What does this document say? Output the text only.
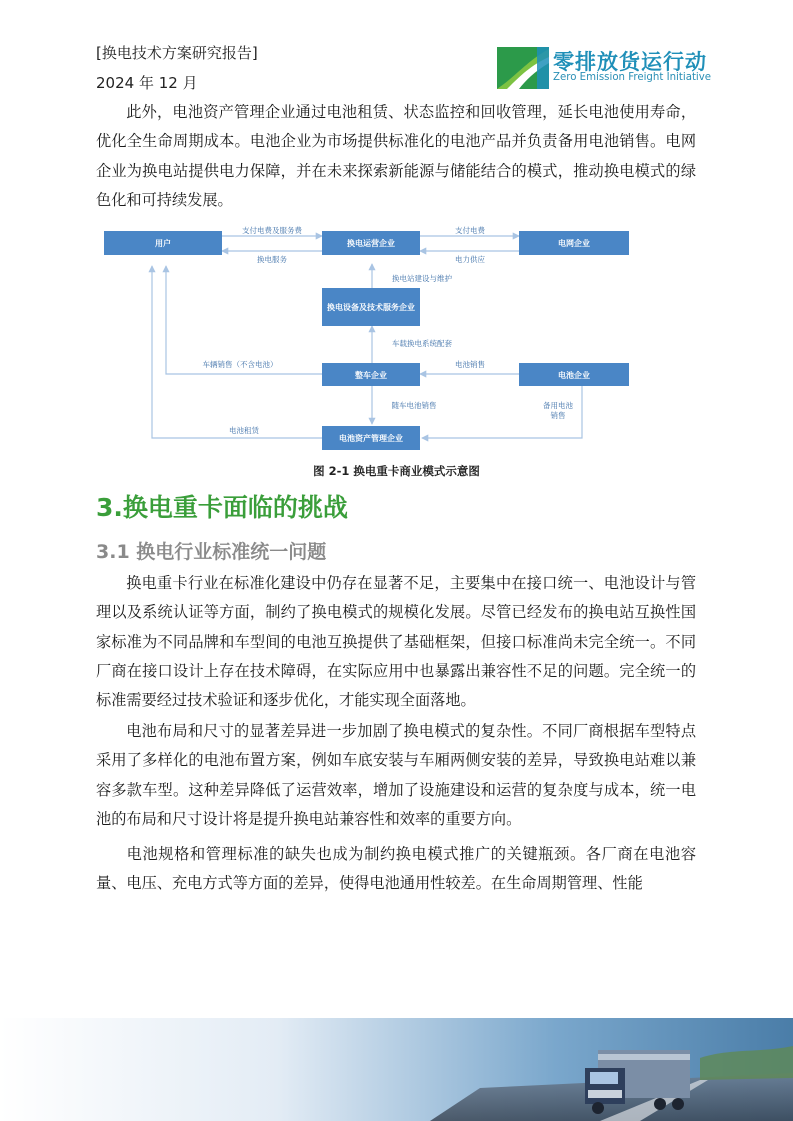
[换电技术方案研究报告]
2024 年 12 月
零排放货运行动
Zero Emission Freight Initiative
此外，电池资产管理企业通过电池租赁、状态监控和回收管理，延长电池使用寿命，优化全生命周期成本。电池企业为市场提供标准化的电池产品并负责备用电池销售。电网企业为换电站提供电力保障，并在未来探索新能源与储能结合的模式，推动换电模式的绿色化和可持续发展。
支付电费及服务费
换电服务
支付电费
电力供应
换电站建设与维护
车载换电系统配套
车辆销售（不含电池）	电池销售
随车电池销售	备用电池销售
电池租赁
用户	换电运营企业	电网企业
换电设备及技术服务企业
整车企业	电池企业
电池资产管理企业
图 2-1 换电重卡商业模式示意图
3.换电重卡面临的挑战
3.1 换电行业标准统一问题
换电重卡行业在标准化建设中仍存在显著不足，主要集中在接口统一、电池设计与管理以及系统认证等方面，制约了换电模式的规模化发展。尽管已经发布的换电站互换性国家标准为不同品牌和车型间的电池互换提供了基础框架，但接口标准尚未完全统一。不同厂商在接口设计上存在技术障碍，在实际应用中也暴露出兼容性不足的问题。完全统一的标准需要经过技术验证和逐步优化，才能实现全面落地。
电池布局和尺寸的显著差异进一步加剧了换电模式的复杂性。不同厂商根据车型特点采用了多样化的电池布置方案，例如车底安装与车厢两侧安装的差异，导致换电站难以兼容多款车型。这种差异降低了运营效率，增加了设施建设和运营的复杂度与成本，统一电池的布局和尺寸设计将是提升换电站兼容性和效率的重要方向。
电池规格和管理标准的缺失也成为制约换电模式推广的关键瓶颈。各厂商在电池容量、电压、充电方式等方面的差异，使得电池通用性较差。在生命周期管理、性能
